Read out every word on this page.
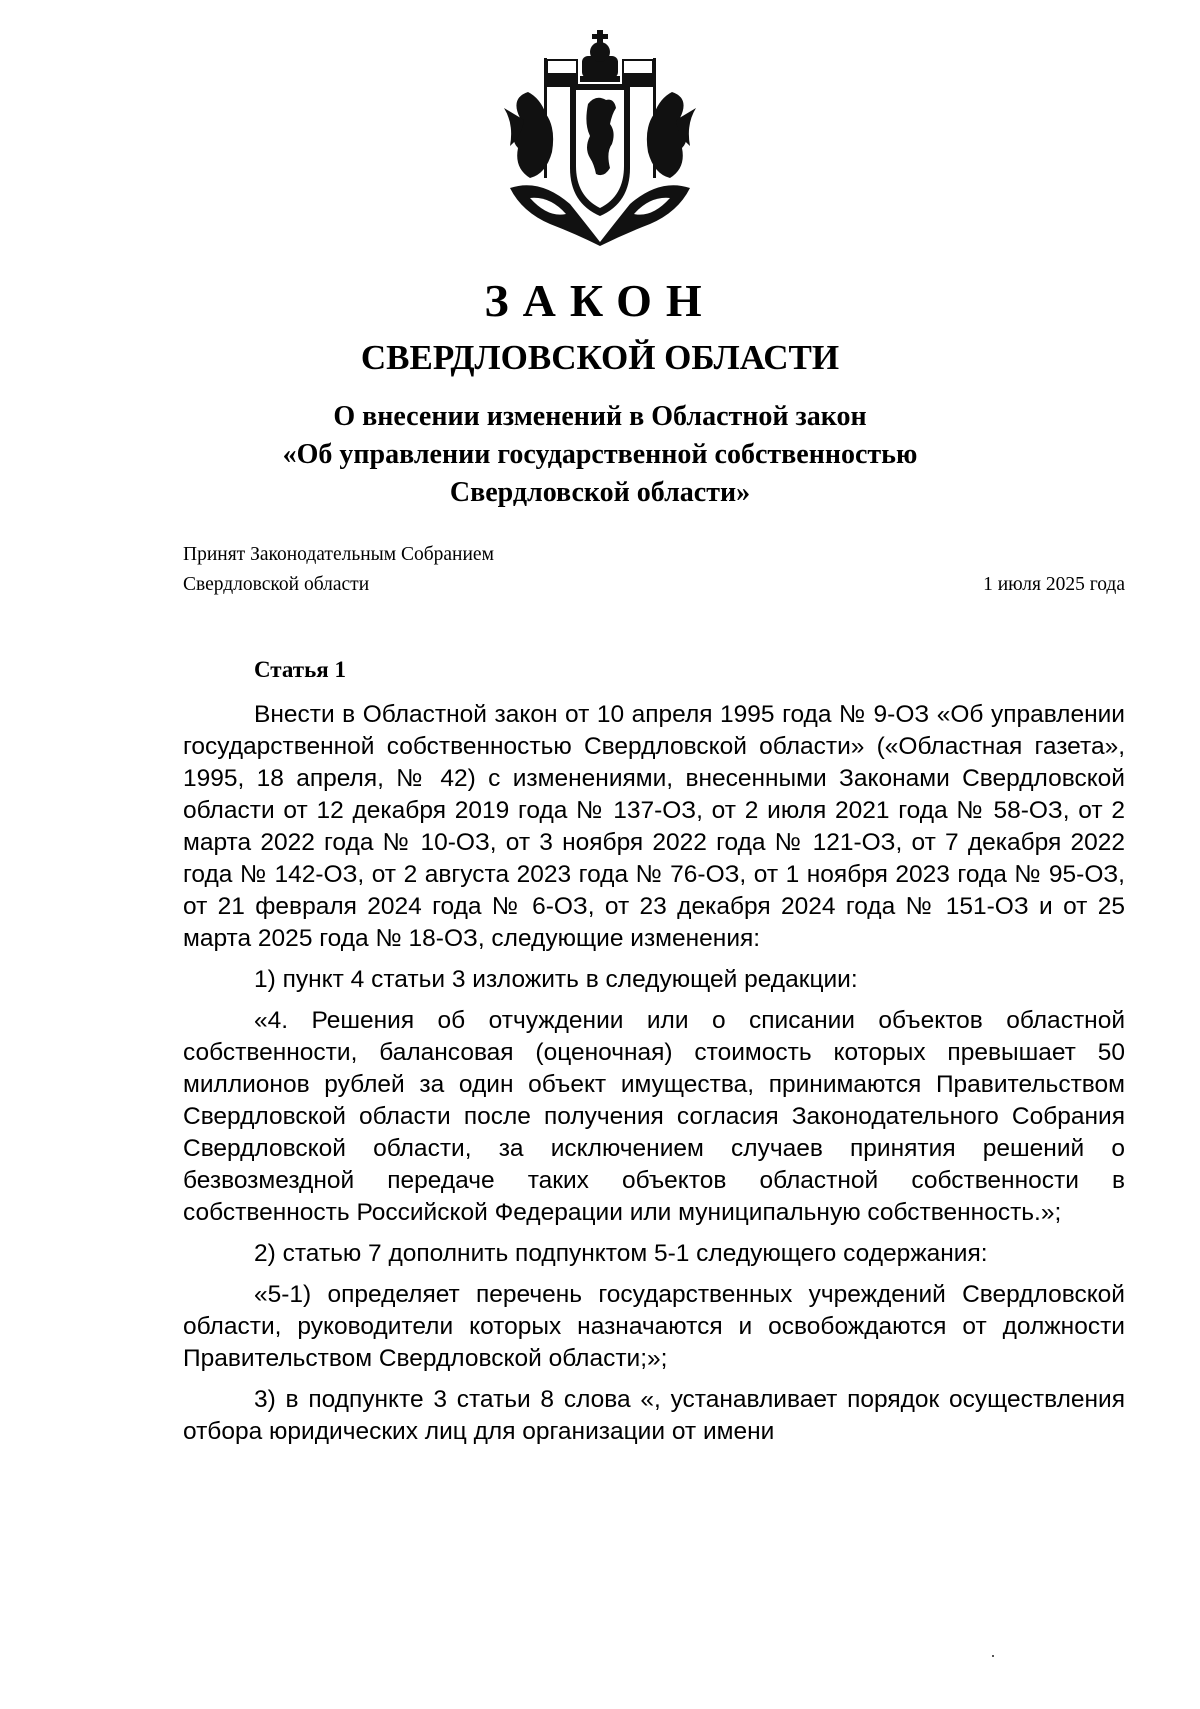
ЗАКОН
СВЕРДЛОВСКОЙ ОБЛАСТИ
О внесении изменений в Областной закон
«Об управлении государственной собственностью
Свердловской области»
Принят Законодательным Собранием
Свердловской области	1 июля 2025 года
Статья 1

Внести в Областной закон от 10 апреля 1995 года № 9-ОЗ «Об управлении государственной собственностью Свердловской области» («Областная газета», 1995, 18 апреля, № 42) с изменениями, внесенными Законами Свердловской области от 12 декабря 2019 года № 137-ОЗ, от 2 июля 2021 года № 58-ОЗ, от 2 марта 2022 года № 10-ОЗ, от 3 ноября 2022 года № 121-ОЗ, от 7 декабря 2022 года № 142-ОЗ, от 2 августа 2023 года № 76-ОЗ, от 1 ноября 2023 года № 95-ОЗ, от 21 февраля 2024 года № 6-ОЗ, от 23 декабря 2024 года № 151-ОЗ и от 25 марта 2025 года № 18-ОЗ, следующие изменения:

1) пункт 4 статьи 3 изложить в следующей редакции:

«4. Решения об отчуждении или о списании объектов областной собственности, балансовая (оценочная) стоимость которых превышает 50 миллионов рублей за один объект имущества, принимаются Правительством Свердловской области после получения согласия Законодательного Собрания Свердловской области, за исключением случаев принятия решений о безвозмездной передаче таких объектов областной собственности в собственность Российской Федерации или муниципальную собственность.»;

2) статью 7 дополнить подпунктом 5-1 следующего содержания:

«5-1) определяет перечень государственных учреждений Свердловской области, руководители которых назначаются и освобождаются от должности Правительством Свердловской области;»;

3) в подпункте 3 статьи 8 слова «, устанавливает порядок осуществления отбора юридических лиц для организации от имени
